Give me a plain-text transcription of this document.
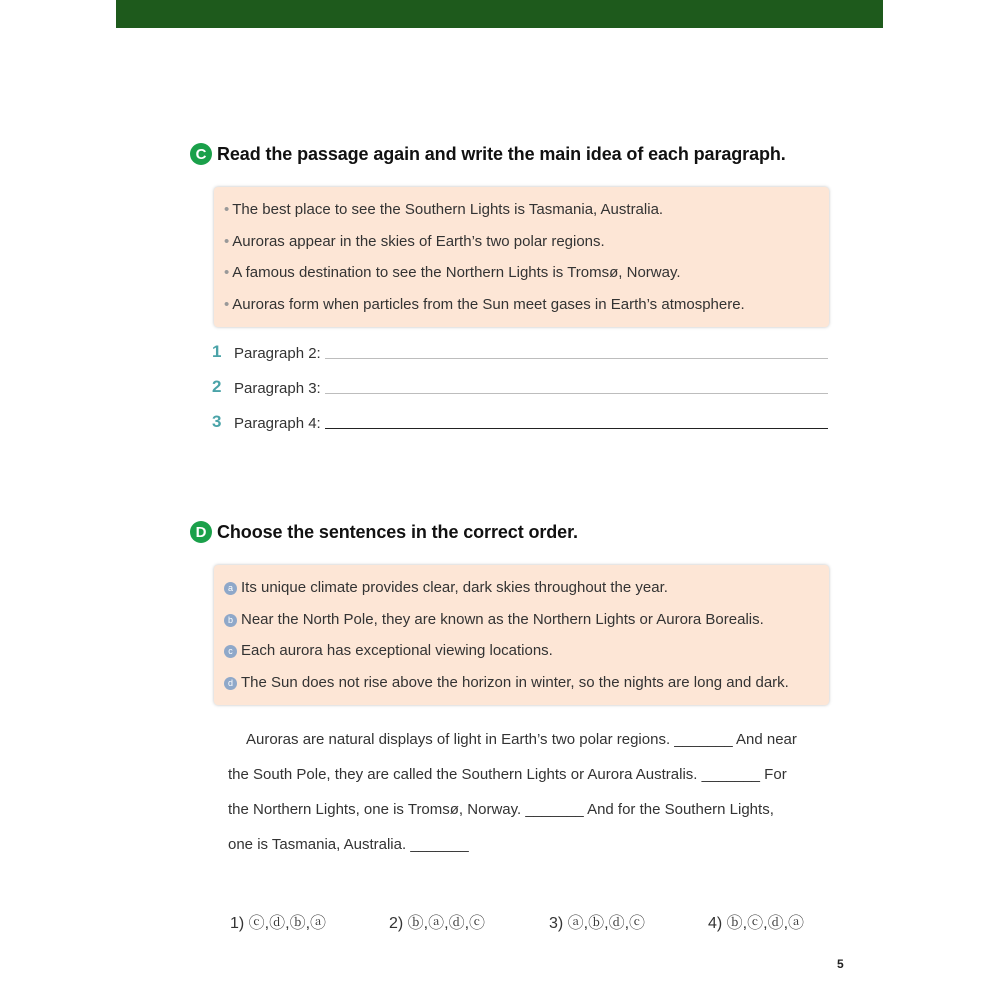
C Read the passage again and write the main idea of each paragraph.
• The best place to see the Southern Lights is Tasmania, Australia.
• Auroras appear in the skies of Earth’s two polar regions.
• A famous destination to see the Northern Lights is Tromsø, Norway.
• Auroras form when particles from the Sun meet gases in Earth’s atmosphere.
1 Paragraph 2:
2 Paragraph 3:
3 Paragraph 4:
D Choose the sentences in the correct order.
a Its unique climate provides clear, dark skies throughout the year.
b Near the North Pole, they are known as the Northern Lights or Aurora Borealis.
c Each aurora has exceptional viewing locations.
d The Sun does not rise above the horizon in winter, so the nights are long and dark.
Auroras are natural displays of light in Earth’s two polar regions. _______ And near
the South Pole, they are called the Southern Lights or Aurora Australis. _______ For
the Northern Lights, one is Tromsø, Norway. _______ And for the Southern Lights,
one is Tasmania, Australia. _______
1) ⓒ,ⓓ,ⓑ,ⓐ	2) ⓑ,ⓐ,ⓓ,ⓒ	3) ⓐ,ⓑ,ⓓ,ⓒ	4) ⓑ,ⓒ,ⓓ,ⓐ
5
